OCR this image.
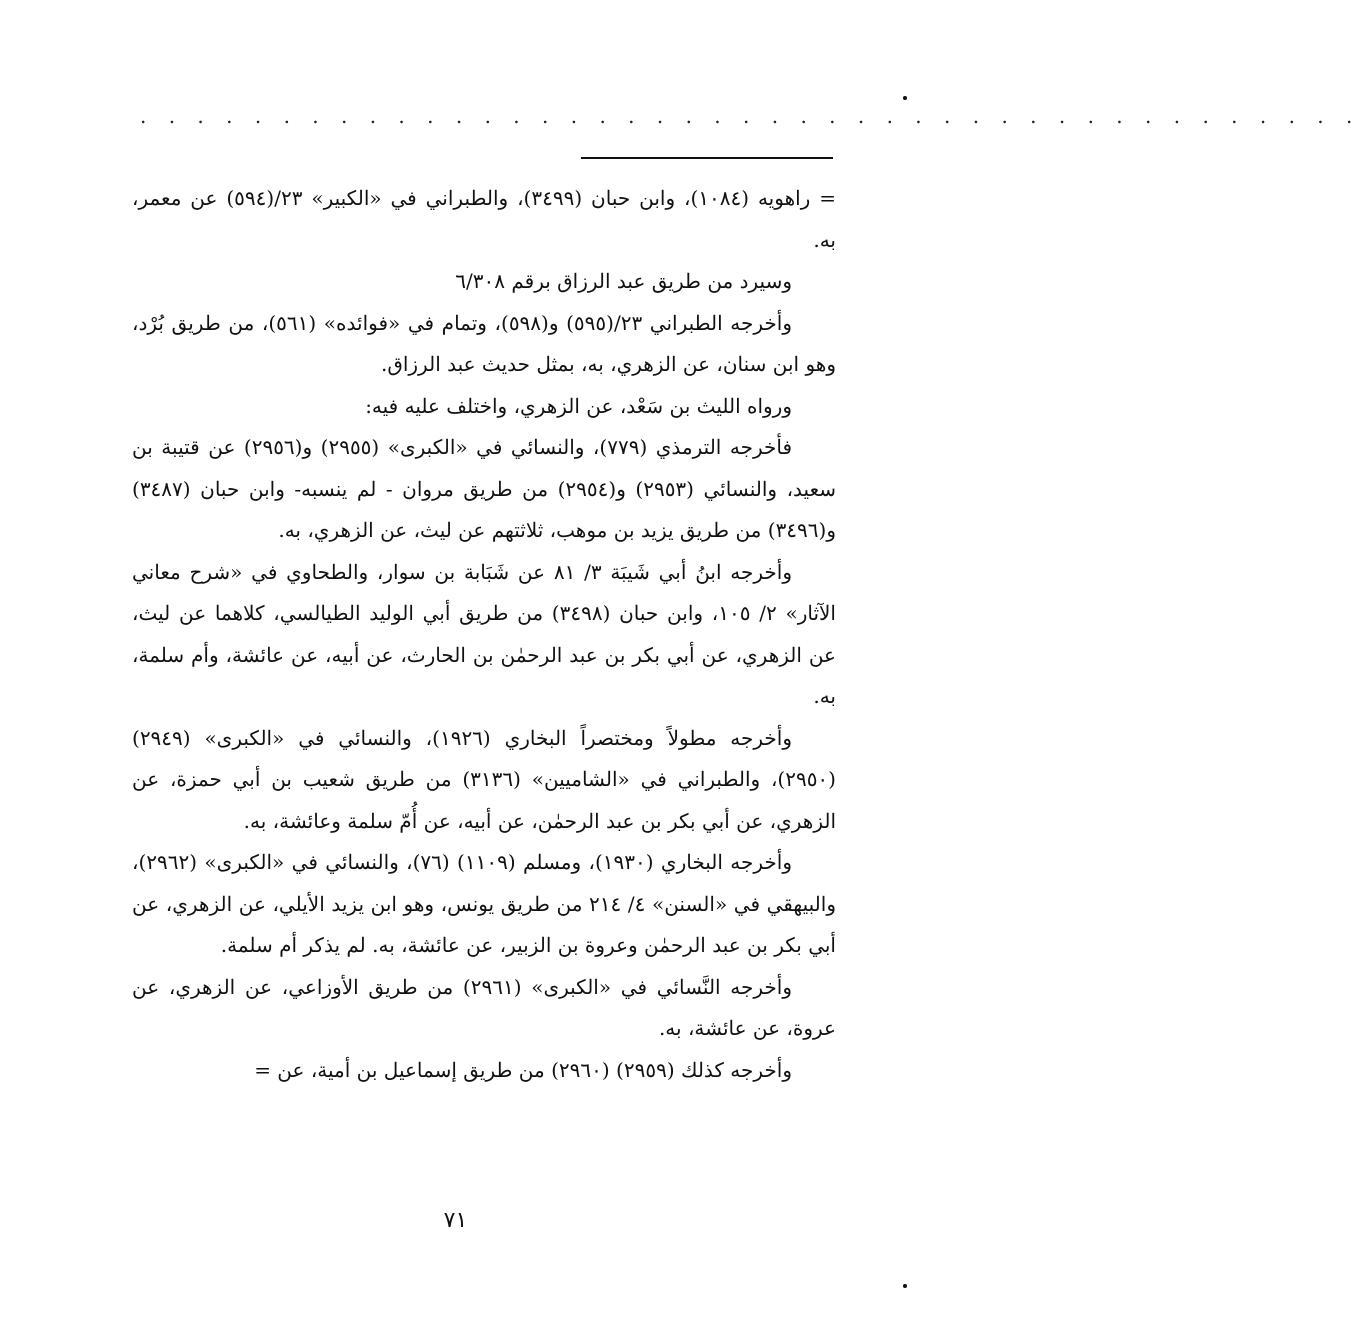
. . . . . . . . . . . . . . . . . . . . . . . . . . . . . . . . . . . . . . . . . . .

= راهويه (١٠٨٤)، وابن حبان (٣٤٩٩)، والطبراني في «الكبير» ٢٣/(٥٩٤) عن معمر، به.

وسيرد من طريق عبد الرزاق برقم ٦/٣٠٨

وأخرجه الطبراني ٢٣/(٥٩٥) و(٥٩٨)، وتمام في «فوائده» (٥٦١)، من طريق بُرْد، وهو ابن سنان، عن الزهري، به، بمثل حديث عبد الرزاق.

ورواه الليث بن سَعْد، عن الزهري، واختلف عليه فيه:

فأخرجه الترمذي (٧٧٩)، والنسائي في «الكبرى» (٢٩٥٥) و(٢٩٥٦) عن قتيبة بن سعيد، والنسائي (٢٩٥٣) و(٢٩٥٤) من طريق مروان - لم ينسبه- وابن حبان (٣٤٨٧) و(٣٤٩٦) من طريق يزيد بن موهب، ثلاثتهم عن ليث، عن الزهري، به.

وأخرجه ابنُ أبي شَيبَة ٣/ ٨١ عن شَبَابة بن سوار، والطحاوي في «شرح معاني الآثار» ٢/ ١٠٥، وابن حبان (٣٤٩٨) من طريق أبي الوليد الطيالسي، كلاهما عن ليث، عن الزهري، عن أبي بكر بن عبد الرحمٰن بن الحارث، عن أبيه، عن عائشة، وأم سلمة، به.

وأخرجه مطولاً ومختصراً البخاري (١٩٢٦)، والنسائي في «الكبرى» (٢٩٤٩) (٢٩٥٠)، والطبراني في «الشاميين» (٣١٣٦) من طريق شعيب بن أبي حمزة، عن الزهري، عن أبي بكر بن عبد الرحمٰن، عن أبيه، عن أُمّ سلمة وعائشة، به.

وأخرجه البخاري (١٩٣٠)، ومسلم (١١٠٩) (٧٦)، والنسائي في «الكبرى» (٢٩٦٢)، والبيهقي في «السنن» ٤/ ٢١٤ من طريق يونس، وهو ابن يزيد الأيلي، عن الزهري، عن أبي بكر بن عبد الرحمٰن وعروة بن الزبير، عن عائشة، به. لم يذكر أم سلمة.

وأخرجه النَّسائي في «الكبرى» (٢٩٦١) من طريق الأوزاعي، عن الزهري، عن عروة، عن عائشة، به.

وأخرجه كذلك (٢٩٥٩) (٢٩٦٠) من طريق إسماعيل بن أمية، عن =

٧١
